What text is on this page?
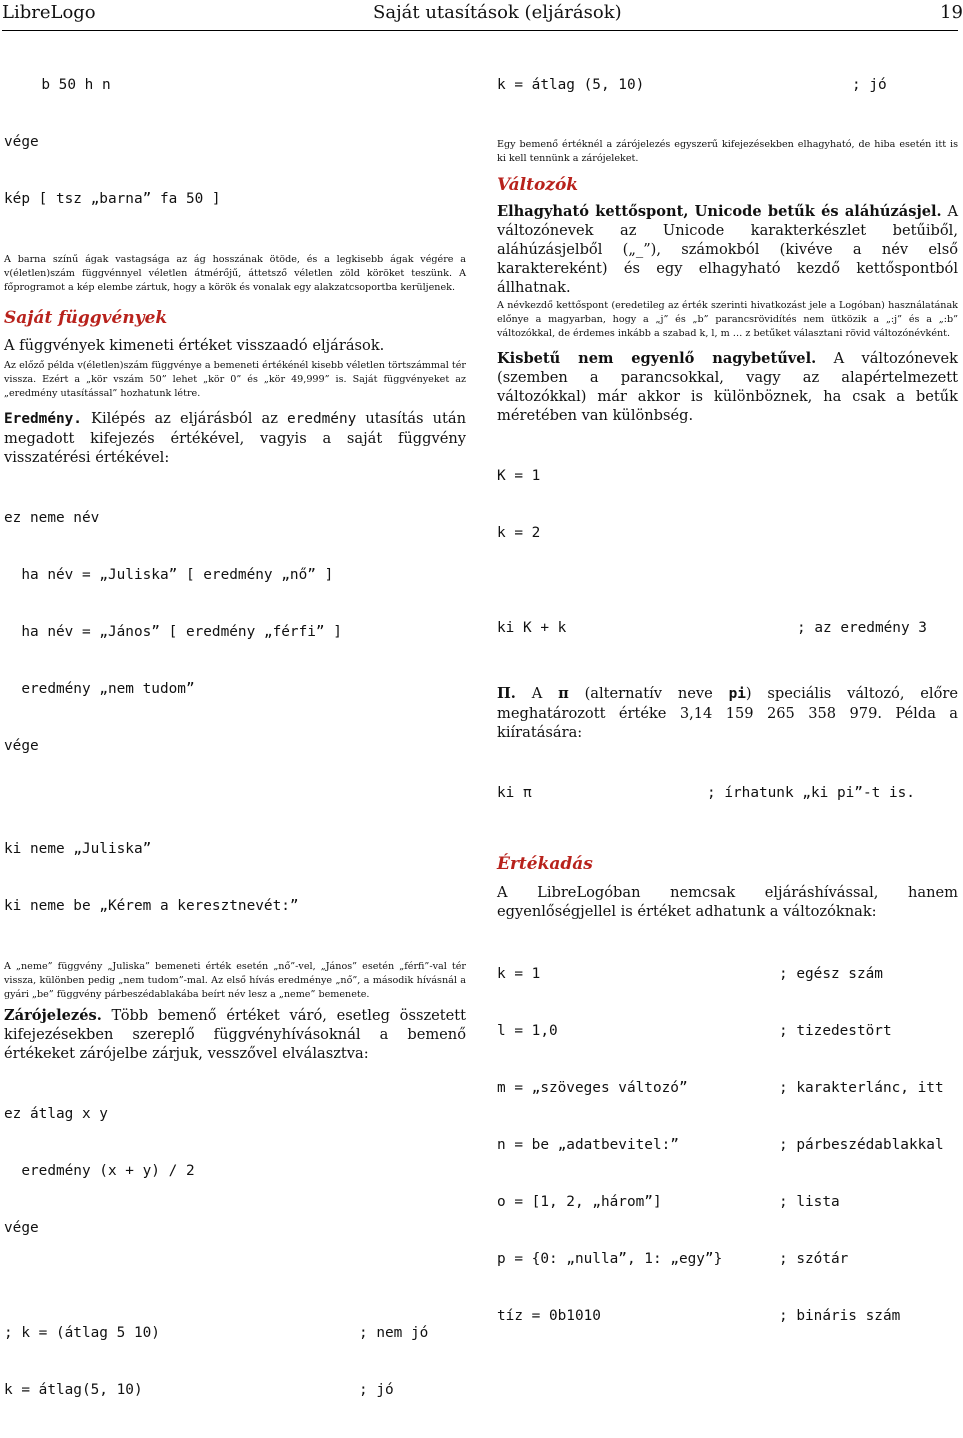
LibreLogo	Saját utasítások (eljárások)	19

b 50 h n

vége

kép [ tsz „barna” fa 50 ]

A barna színű ágak vastagsága az ág hosszának ötöde, és a legkisebb ágak végére a v(életlen)szám függvénnyel véletlen átmérőjű, áttetsző véletlen zöld köröket teszünk. A főprogramot a kép elembe zártuk, hogy a körök és vonalak egy alakzatcsoportba kerüljenek.
Saját függvények
A függvények kimeneti értéket visszaadó eljárások.
Az előző példa v(életlen)szám függvénye a bemeneti értékénél kisebb véletlen törtszámmal tér vissza. Ezért a „kör vszám 50” lehet „kör 0” és „kör 49,999” is. Saját függvényeket az „eredmény utasítással” hozhatunk létre.
Eredmény. Kilépés az eljárásból az eredmény utasítás után megadott kifejezés értékével, vagyis a saját függvény visszatérési értékével:

ez neme név

ha név = „Juliska” [ eredmény „nő” ]

ha név = „János” [ eredmény „férfi” ]

eredmény „nem tudom”

vége

ki neme „Juliska”

ki neme be „Kérem a keresztnevét:”

A „neme” függvény „Juliska” bemeneti érték esetén „nő”-vel, „János” esetén „férfi”-val tér vissza, különben pedig „nem tudom”-mal. Az első hívás eredménye „nő”, a második hívásnál a gyári „be” függvény párbeszédablakába beírt név lesz a „neme” bemenete.
Zárójelezés. Több bemenő értéket váró, esetleg összetett kifejezésekben szereplő függvényhívásoknál a bemenő értékeket zárójelbe zárjuk, vesszővel elválasztva:

ez átlag x y

eredmény (x + y) / 2

vége

; k = (átlag 5 10)	; nem jó

k = átlag(5, 10)	; jó

k = átlag (5, 10)	; jó

Egy bemenő értéknél a zárójelezés egyszerű kifejezésekben elhagyható, de hiba esetén itt is ki kell tennünk a zárójeleket.
Változók
Elhagyható kettőspont, Unicode betűk és aláhúzásjel. A változónevek az Unicode karakterkészlet betűiből, aláhúzásjelből („_”), számokból (kivéve a név első karaktereként) és egy elhagyható kezdő kettőspontból állhatnak.
A névkezdő kettőspont (eredetileg az érték szerinti hivatkozást jele a Logóban) használatának előnye a magyarban, hogy a „j” és „b” parancsrövidítés nem ütközik a „:j” és a „:b” változókkal, de érdemes inkább a szabad k, l, m … z betűket választani rövid változónévként.
Kisbetű nem egyenlő nagybetűvel. A változónevek (szemben a parancsokkal, vagy az alapértelmezett változókkal) már akkor is különböznek, ha csak a betűk méretében van különbség.

K = 1

k = 2

ki K + k	; az eredmény 3

Π. A π (alternatív neve pi) speciális változó, előre meghatározott értéke 3,14 159 265 358 979. Példa a kiíratására:

ki π	; írhatunk „ki pi”-t is.

Értékadás
A LibreLogóban nemcsak eljáráshívással, hanem egyenlőségjellel is értéket adhatunk a változóknak:

k = 1	; egész szám

l = 1,0	; tizedestört

m = „szöveges változó”	; karakterlánc, itt

n = be „adatbevitel:”	; párbeszédablakkal

o = [1, 2, „három”]	; lista

p = {0: „nulla”, 1: „egy”}	; szótár

tíz = 0b1010	; bináris szám
